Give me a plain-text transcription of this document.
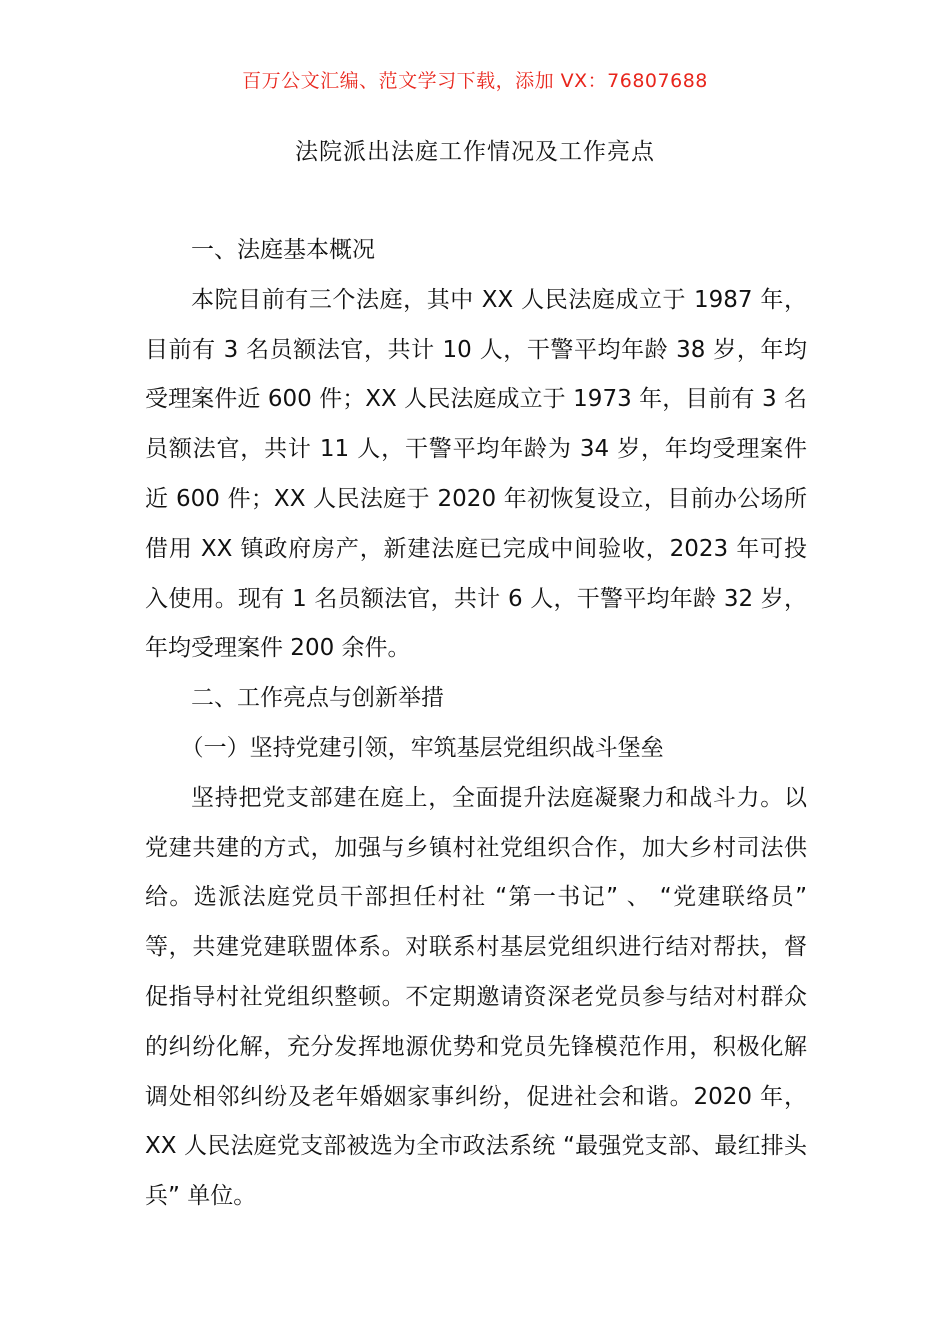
百万公文汇编、范文学习下载，添加 VX：76807688
法院派出法庭工作情况及工作亮点

一、法庭基本概况

本院目前有三个法庭，其中 XX 人民法庭成立于 1987 年，目前有 3 名员额法官，共计 10 人，干警平均年龄 38 岁，年均受理案件近 600 件；XX 人民法庭成立于 1973 年，目前有 3 名员额法官，共计 11 人，干警平均年龄为 34 岁，年均受理案件近 600 件；XX 人民法庭于 2020 年初恢复设立，目前办公场所借用 XX 镇政府房产，新建法庭已完成中间验收，2023 年可投入使用。现有 1 名员额法官，共计 6 人，干警平均年龄 32 岁，年均受理案件 200 余件。

二、工作亮点与创新举措

（一）坚持党建引领，牢筑基层党组织战斗堡垒

坚持把党支部建在庭上，全面提升法庭凝聚力和战斗力。以党建共建的方式，加强与乡镇村社党组织合作，加大乡村司法供给。选派法庭党员干部担任村社 “第一书记” 、 “党建联络员” 等，共建党建联盟体系。对联系村基层党组织进行结对帮扶，督促指导村社党组织整顿。不定期邀请资深老党员参与结对村群众的纠纷化解，充分发挥地源优势和党员先锋模范作用，积极化解调处相邻纠纷及老年婚姻家事纠纷，促进社会和谐。2020 年，XX 人民法庭党支部被选为全市政法系统 “最强党支部、最红排头兵” 单位。
